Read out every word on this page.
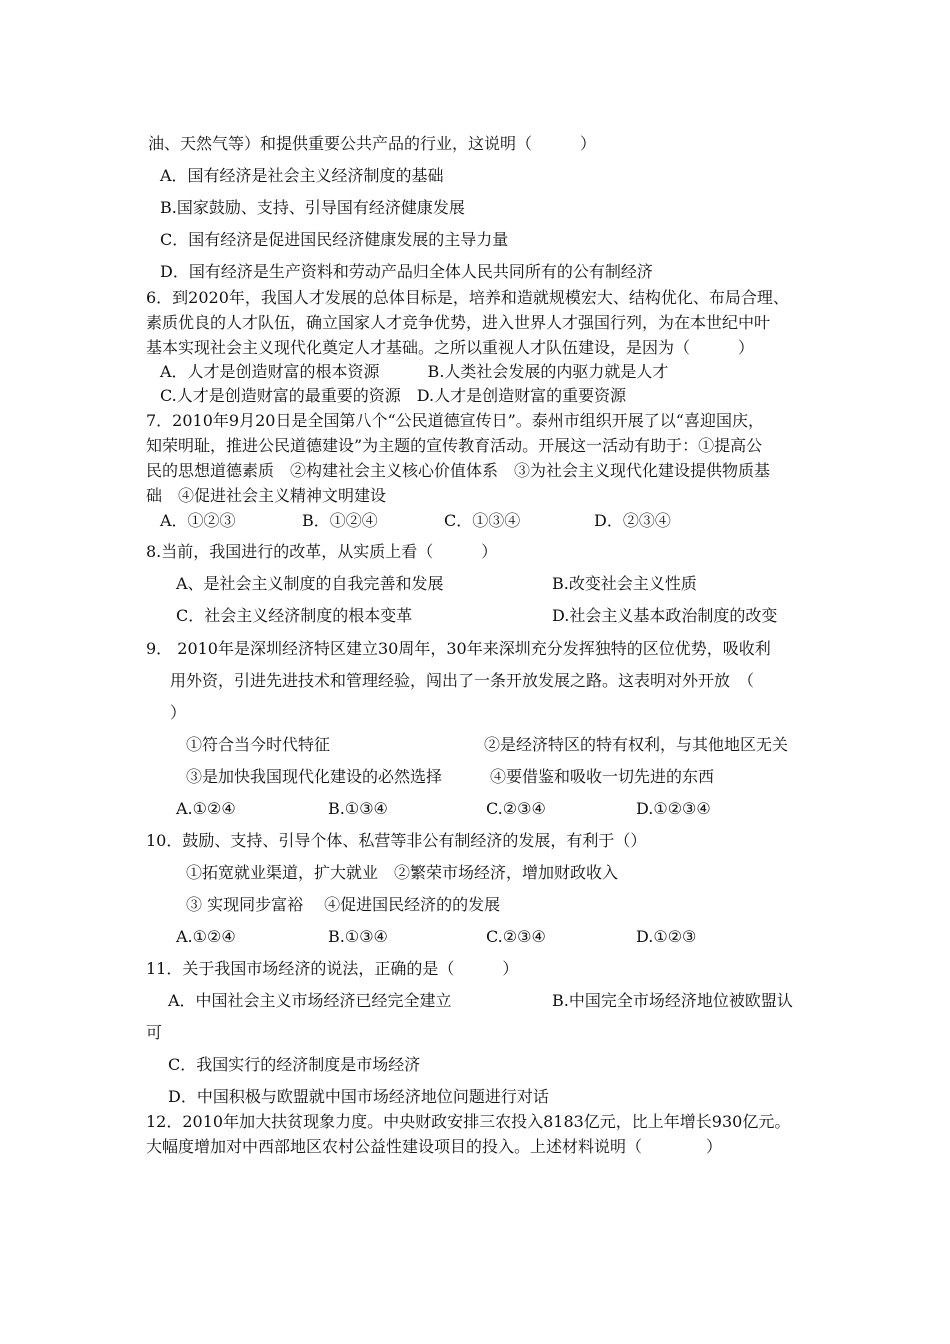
油、天然气等）和提供重要公共产品的行业，这说明（　　　）
A．国有经济是社会主义经济制度的基础
B.国家鼓励、支持、引导国有经济健康发展
C．国有经济是促进国民经济健康发展的主导力量
D．国有经济是生产资料和劳动产品归全体人民共同所有的公有制经济
6．到2020年，我国人才发展的总体目标是，培养和造就规模宏大、结构优化、布局合理、
素质优良的人才队伍，确立国家人才竞争优势，进入世界人才强国行列，为在本世纪中叶
基本实现社会主义现代化奠定人才基础。之所以重视人才队伍建设，是因为（　　　）
A．人才是创造财富的根本资源　　　B.人类社会发展的内驱力就是人才
C.人才是创造财富的最重要的资源　D.人才是创造财富的重要资源
7．2010年9月20日是全国第八个“公民道德宣传日”。泰州市组织开展了以“喜迎国庆，
知荣明耻，推进公民道德建设”为主题的宣传教育活动。开展这一活动有助于：①提高公
民的思想道德素质　②构建社会主义核心价值体系　③为社会主义现代化建设提供物质基
础　④促进社会主义精神文明建设
A．①②③	B．①②④	C．①③④	D．②③④
8.当前，我国进行的改革，从实质上看（　　　）
A、是社会主义制度的自我完善和发展	B.改变社会主义性质
C．社会主义经济制度的根本变革	D.社会主义基本政治制度的改变
9． 2010年是深圳经济特区建立30周年，30年来深圳充分发挥独特的区位优势，吸收利
用外资，引进先进技术和管理经验，闯出了一条开放发展之路。这表明对外开放　（
）
①符合当今时代特征	②是经济特区的特有权利，与其他地区无关
③是加快我国现代化建设的必然选择	④要借鉴和吸收一切先进的东西
A.①②④	B.①③④	C.②③④	D.①②③④
10．鼓励、支持、引导个体、私营等非公有制经济的发展，有利于（）
①拓宽就业渠道，扩大就业　②繁荣市场经济，增加财政收入
③ 实现同步富裕　 ④促进国民经济的的发展
A.①②④	B.①③④	C.②③④	D.①②③
11．关于我国市场经济的说法，正确的是（　　　）
A．中国社会主义市场经济已经完全建立	B.中国完全市场经济地位被欧盟认
可
C．我国实行的经济制度是市场经济
D．中国积极与欧盟就中国市场经济地位问题进行对话
12．2010年加大扶贫现象力度。中央财政安排三农投入8183亿元，比上年增长930亿元。
大幅度增加对中西部地区农村公益性建设项目的投入。上述材料说明（　　　　）
